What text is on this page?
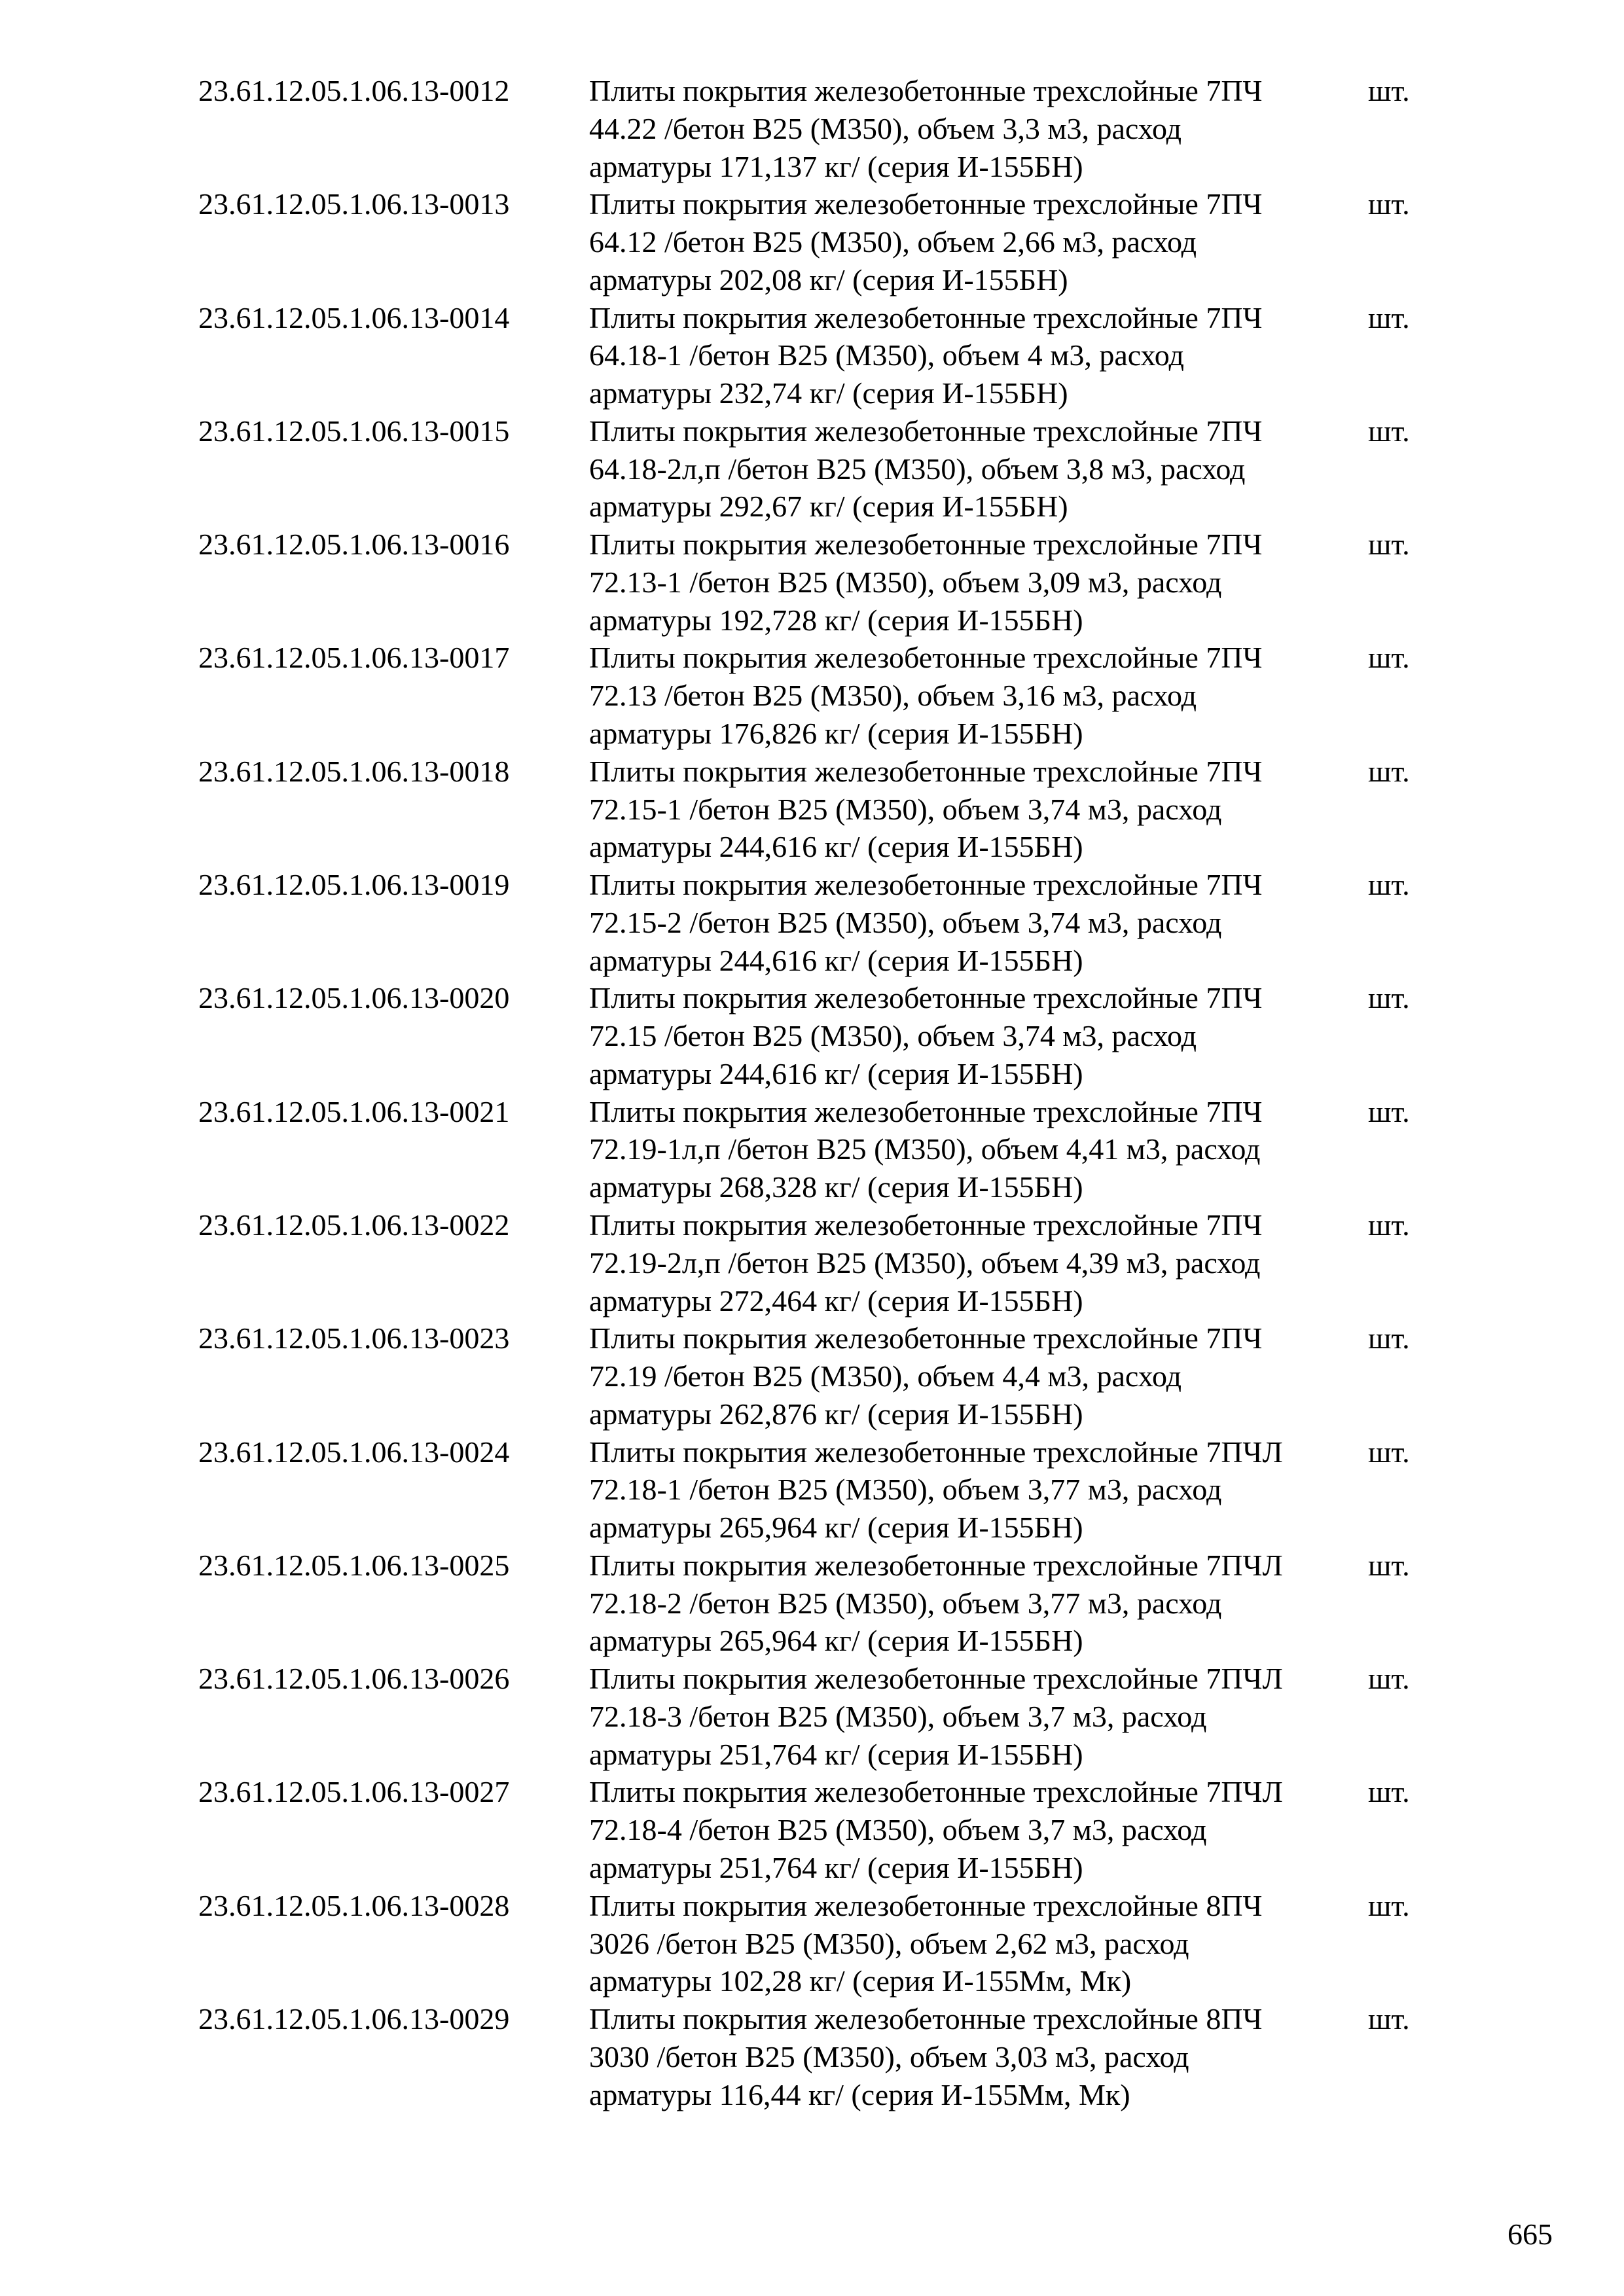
23.61.12.05.1.06.13-0012	Плиты покрытия железобетонные трехслойные 7ПЧ
44.22 /бетон В25 (М350), объем 3,3 м3, расход
арматуры 171,137 кг/ (серия И-155БН)
шт.
23.61.12.05.1.06.13-0013	Плиты покрытия железобетонные трехслойные 7ПЧ
64.12 /бетон В25 (М350), объем 2,66 м3, расход
арматуры 202,08 кг/ (серия И-155БН)
шт.
23.61.12.05.1.06.13-0014	Плиты покрытия железобетонные трехслойные 7ПЧ
64.18-1 /бетон В25 (М350), объем 4 м3, расход
арматуры 232,74 кг/ (серия И-155БН)
шт.
23.61.12.05.1.06.13-0015	Плиты покрытия железобетонные трехслойные 7ПЧ
64.18-2л,п /бетон В25 (М350), объем 3,8 м3, расход
арматуры 292,67 кг/ (серия И-155БН)
шт.
23.61.12.05.1.06.13-0016	Плиты покрытия железобетонные трехслойные 7ПЧ
72.13-1 /бетон В25 (М350), объем 3,09 м3, расход
арматуры 192,728 кг/ (серия И-155БН)
шт.
23.61.12.05.1.06.13-0017	Плиты покрытия железобетонные трехслойные 7ПЧ
72.13 /бетон В25 (М350), объем 3,16 м3, расход
арматуры 176,826 кг/ (серия И-155БН)
шт.
23.61.12.05.1.06.13-0018	Плиты покрытия железобетонные трехслойные 7ПЧ
72.15-1 /бетон В25 (М350), объем 3,74 м3, расход
арматуры 244,616 кг/ (серия И-155БН)
шт.
23.61.12.05.1.06.13-0019	Плиты покрытия железобетонные трехслойные 7ПЧ
72.15-2 /бетон В25 (М350), объем 3,74 м3, расход
арматуры 244,616 кг/ (серия И-155БН)
шт.
23.61.12.05.1.06.13-0020	Плиты покрытия железобетонные трехслойные 7ПЧ
72.15 /бетон В25 (М350), объем 3,74 м3, расход
арматуры 244,616 кг/ (серия И-155БН)
шт.
23.61.12.05.1.06.13-0021	Плиты покрытия железобетонные трехслойные 7ПЧ
72.19-1л,п /бетон В25 (М350), объем 4,41 м3, расход
арматуры 268,328 кг/ (серия И-155БН)
шт.
23.61.12.05.1.06.13-0022	Плиты покрытия железобетонные трехслойные 7ПЧ
72.19-2л,п /бетон В25 (М350), объем 4,39 м3, расход
арматуры 272,464 кг/ (серия И-155БН)
шт.
23.61.12.05.1.06.13-0023	Плиты покрытия железобетонные трехслойные 7ПЧ
72.19 /бетон В25 (М350), объем 4,4 м3, расход
арматуры 262,876 кг/ (серия И-155БН)
шт.
23.61.12.05.1.06.13-0024	Плиты покрытия железобетонные трехслойные 7ПЧЛ
72.18-1 /бетон В25 (М350), объем 3,77 м3, расход
арматуры 265,964 кг/ (серия И-155БН)
шт.
23.61.12.05.1.06.13-0025	Плиты покрытия железобетонные трехслойные 7ПЧЛ
72.18-2 /бетон В25 (М350), объем 3,77 м3, расход
арматуры 265,964 кг/ (серия И-155БН)
шт.
23.61.12.05.1.06.13-0026	Плиты покрытия железобетонные трехслойные 7ПЧЛ
72.18-3 /бетон В25 (М350), объем 3,7 м3, расход
арматуры 251,764 кг/ (серия И-155БН)
шт.
23.61.12.05.1.06.13-0027	Плиты покрытия железобетонные трехслойные 7ПЧЛ
72.18-4 /бетон В25 (М350), объем 3,7 м3, расход
арматуры 251,764 кг/ (серия И-155БН)
шт.
23.61.12.05.1.06.13-0028	Плиты покрытия железобетонные трехслойные 8ПЧ
3026 /бетон В25 (М350), объем 2,62 м3, расход
арматуры 102,28 кг/ (серия И-155Мм, Мк)
шт.
23.61.12.05.1.06.13-0029	Плиты покрытия железобетонные трехслойные 8ПЧ
3030 /бетон В25 (М350), объем 3,03 м3, расход
арматуры 116,44 кг/ (серия И-155Мм, Мк)
шт.
665
